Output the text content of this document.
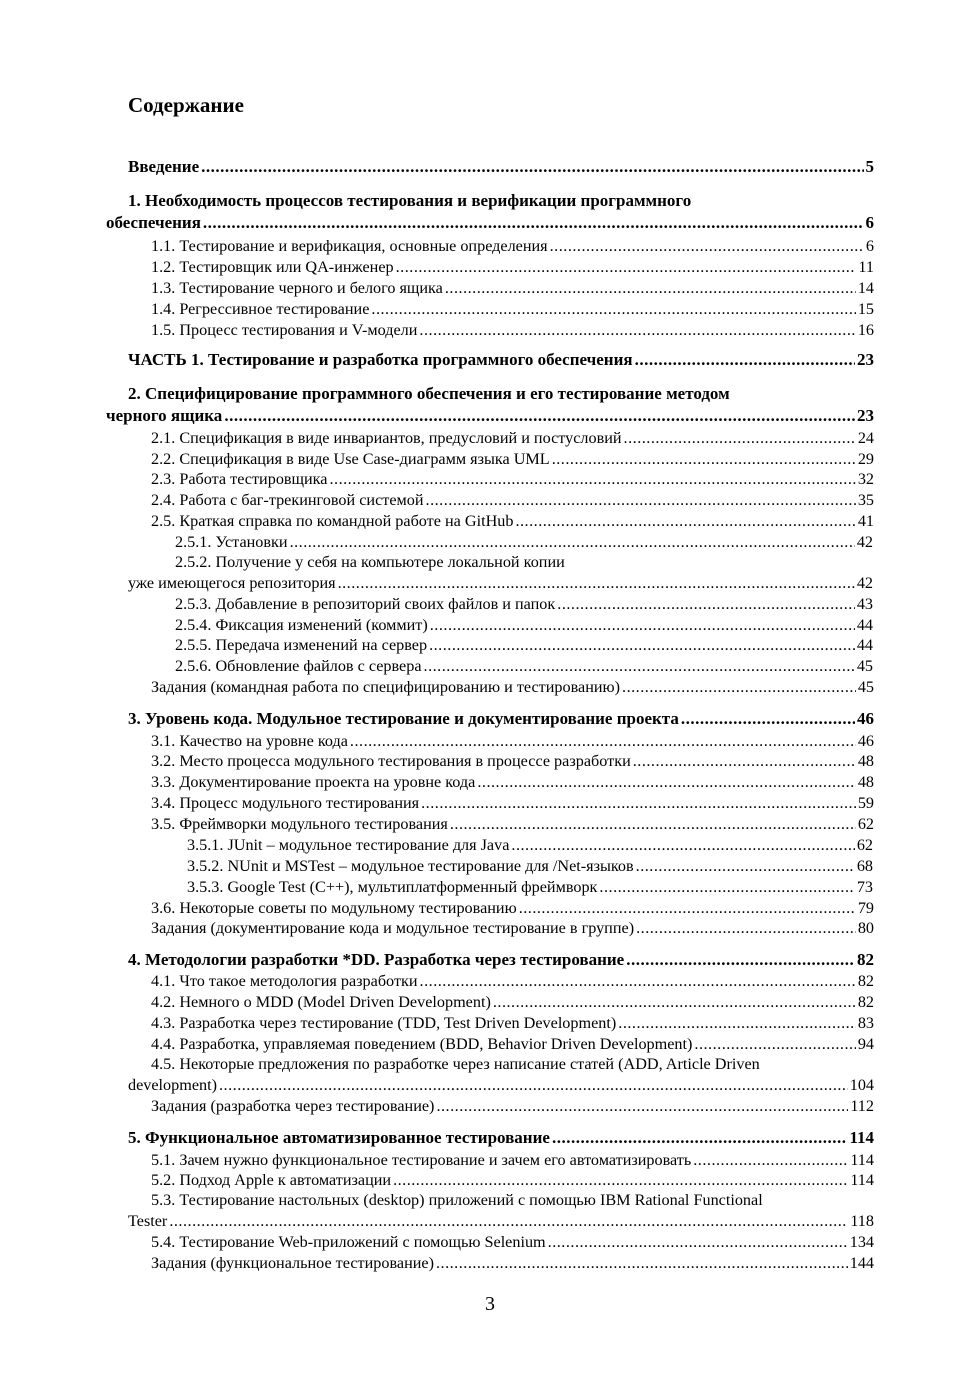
Содержание
Введение .....	5
1. Необходимость процессов тестирования и верификации программного
обеспечения .....	6
1.1. Тестирование и верификация, основные определения .....	6
1.2. Тестировщик или QA-инженер .....	11
1.3. Тестирование черного и белого ящика .....	14
1.4. Регрессивное тестирование .....	15
1.5. Процесс тестирования и V-модели .....	16
ЧАСТЬ 1. Тестирование и разработка программного обеспечения .....	23
2. Специфицирование программного обеспечения и его тестирование методом
черного ящика .....	23
2.1. Спецификация в виде инвариантов, предусловий и постусловий .....	24
2.2. Спецификация в виде Use Case-диаграмм языка UML .....	29
2.3. Работа тестировщика .....	32
2.4. Работа с баг-трекинговой системой .....	35
2.5. Краткая справка по командной работе на GitHub .....	41
2.5.1. Установки .....	42
2.5.2. Получение у себя на компьютере локальной копии
уже имеющегося репозитория .....	42
2.5.3. Добавление в репозиторий своих файлов и папок .....	43
2.5.4. Фиксация изменений (коммит) .....	44
2.5.5. Передача изменений на сервер .....	44
2.5.6. Обновление файлов с сервера .....	45
Задания (командная работа по специфицированию и тестированию) .....	45
3. Уровень кода. Модульное тестирование и документирование проекта .....	46
3.1. Качество на уровне кода .....	46
3.2. Место процесса модульного тестирования в процессе разработки .....	48
3.3. Документирование проекта на уровне кода .....	48
3.4. Процесс модульного тестирования .....	59
3.5. Фреймворки модульного тестирования .....	62
3.5.1. JUnit – модульное тестирование для Java .....	62
3.5.2. NUnit и MSTest – модульное тестирование для /Net-языков .....	68
3.5.3. Google Test (C++), мультиплатформенный фреймворк .....	73
3.6. Некоторые советы по модульному тестированию .....	79
Задания (документирование кода и модульное тестирование в группе) .....	80
4. Методологии разработки *DD. Разработка через тестирование .....	82
4.1. Что такое методология разработки .....	82
4.2. Немного о MDD (Model Driven Development) .....	82
4.3. Разработка через тестирование (TDD, Test Driven Development) .....	83
4.4. Разработка, управляемая поведением (BDD, Behavior Driven Development) .....	94
4.5. Некоторые предложения по разработке через написание статей (ADD, Article Driven
development) .....	104
Задания (разработка через тестирование) .....	112
5. Функциональное автоматизированное тестирование .....	114
5.1. Зачем нужно функциональное тестирование и зачем его автоматизировать .....	114
5.2. Подход Apple к автоматизации .....	114
5.3. Тестирование настольных (desktop) приложений с помощью IBM Rational Functional
Tester .....	118
5.4. Тестирование Web-приложений с помощью Selenium .....	134
Задания (функциональное тестирование) .....	144
3
